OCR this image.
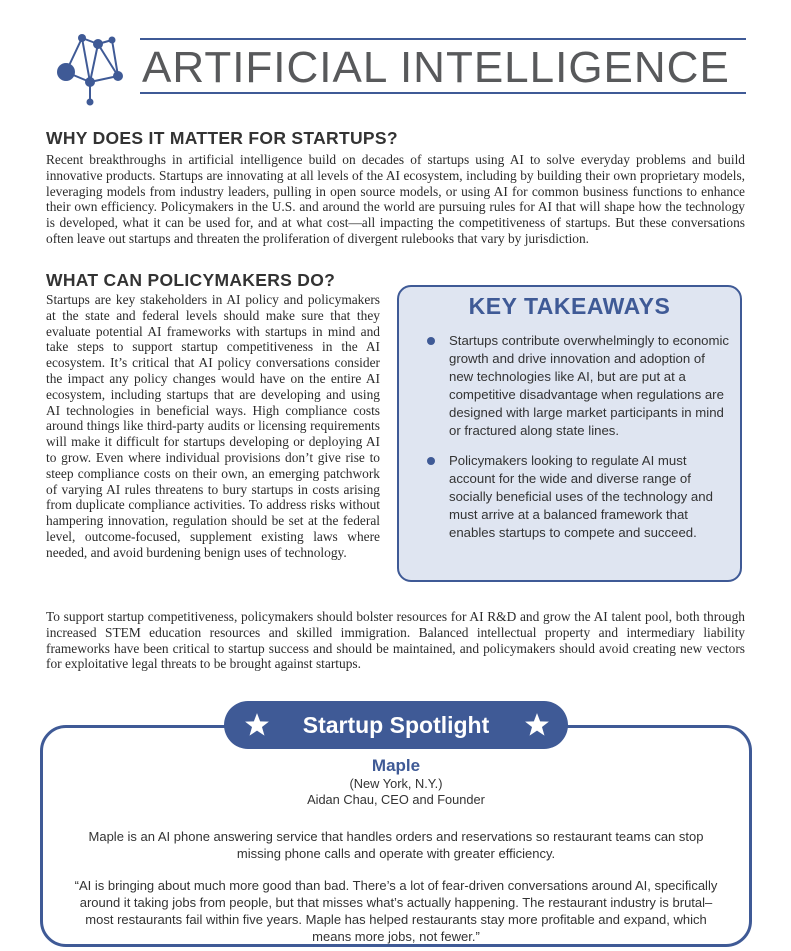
ARTIFICIAL INTELLIGENCE
WHY DOES IT MATTER FOR STARTUPS?

Recent breakthroughs in artificial intelligence build on decades of startups using AI to solve everyday problems and build innovative products. Startups are innovating at all levels of the AI ecosystem, including by building their own proprietary models, leveraging models from industry leaders, pulling in open source models, or using AI for common business functions to enhance their own efficiency. Policymakers in the U.S. and around the world are pursuing rules for AI that will shape how the technology is developed, what it can be used for, and at what cost—all impacting the competitiveness of startups. But these conversations often leave out startups and threaten the proliferation of divergent rulebooks that vary by jurisdiction.

WHAT CAN POLICYMAKERS DO?

Startups are key stakeholders in AI policy and policymakers at the state and federal levels should make sure that they evaluate potential AI frameworks with startups in mind and take steps to support startup competitiveness in the AI ecosystem. It’s critical that AI policy conversations consider the impact any policy changes would have on the entire AI ecosystem, including startups that are developing and using AI technologies in beneficial ways. High compliance costs around things like third-party audits or licensing requirements will make it difficult for startups developing or deploying AI to grow. Even where individual provisions don’t give rise to steep compliance costs on their own, an emerging patchwork of varying AI rules threatens to bury startups in costs arising from duplicate compliance activities. To address risks without hampering innovation, regulation should be set at the federal level, outcome-focused, supplement existing laws where needed, and avoid burdening benign uses of technology.

KEY TAKEAWAYS
Startups contribute overwhelmingly to economic growth and drive innovation and adoption of new technologies like AI, but are put at a competitive disadvantage when regulations are designed with large market participants in mind or fractured along state lines.
Policymakers looking to regulate AI must account for the wide and diverse range of socially beneficial uses of the technology and must arrive at a balanced framework that enables startups to compete and succeed.

To support startup competitiveness, policymakers should bolster resources for AI R&D and grow the AI talent pool, both through increased STEM education resources and skilled immigration. Balanced intellectual property and intermediary liability frameworks have been critical to startup success and should be maintained, and policymakers should avoid creating new vectors for exploitative legal threats to be brought against startups.

Startup Spotlight
Maple
(New York, N.Y.)
Aidan Chau, CEO and Founder
Maple is an AI phone answering service that handles orders and reservations so restaurant teams can stop missing phone calls and operate with greater efficiency.
“AI is bringing about much more good than bad. There’s a lot of fear-driven conversations around AI, specifically around it taking jobs from people, but that misses what’s actually happening. The restaurant industry is brutal–most restaurants fail within five years. Maple has helped restaurants stay more profitable and expand, which means more jobs, not fewer.”
